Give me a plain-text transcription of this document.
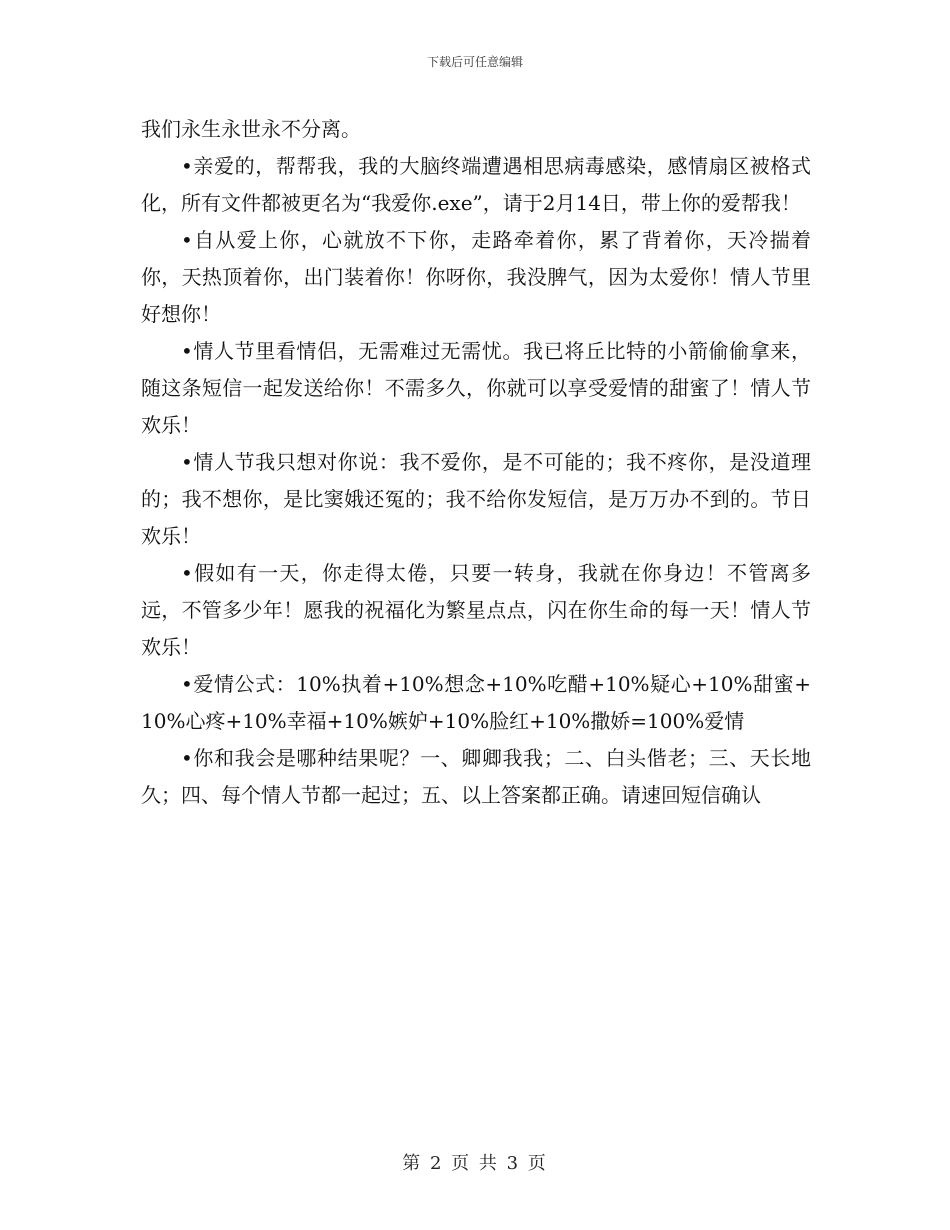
下载后可任意编辑

我们永生永世永不分离。

•亲爱的，帮帮我，我的大脑终端遭遇相思病毒感染，感情扇区被格式化，所有文件都被更名为“我爱你.exe”，请于2月14日，带上你的爱帮我！

•自从爱上你，心就放不下你，走路牵着你，累了背着你，天冷揣着你，天热顶着你，出门装着你！你呀你，我没脾气，因为太爱你！情人节里好想你！

•情人节里看情侣，无需难过无需忧。我已将丘比特的小箭偷偷拿来，随这条短信一起发送给你！不需多久，你就可以享受爱情的甜蜜了！情人节欢乐！

•情人节我只想对你说：我不爱你，是不可能的；我不疼你，是没道理的；我不想你，是比窦娥还冤的；我不给你发短信，是万万办不到的。节日欢乐！

•假如有一天，你走得太倦，只要一转身，我就在你身边！不管离多远，不管多少年！愿我的祝福化为繁星点点，闪在你生命的每一天！情人节欢乐！

•爱情公式：10%执着+10%想念+10%吃醋+10%疑心+10%甜蜜+10%心疼+10%幸福+10%嫉妒+10%脸红+10%撒娇=100%爱情

•你和我会是哪种结果呢？一、卿卿我我；二、白头偕老；三、天长地久；四、每个情人节都一起过；五、以上答案都正确。请速回短信确认

第 2 页 共 3 页
